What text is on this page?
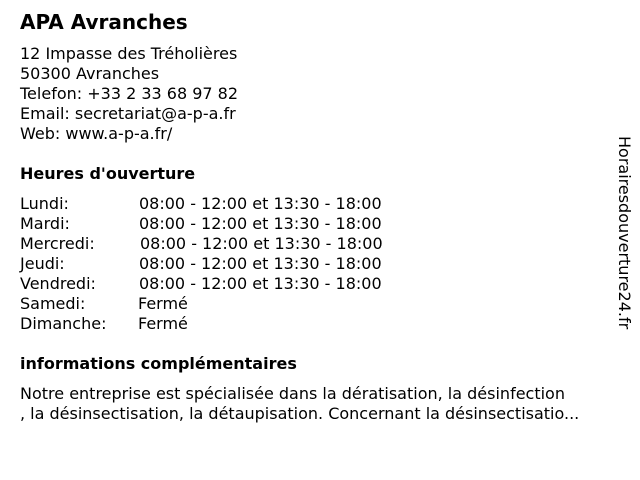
APA Avranches
12 Impasse des Tréholières
50300 Avranches
Telefon: +33 2 33 68 97 82
Email: secretariat@a-p-a.fr
Web: www.a-p-a.fr/
Heures d'ouverture
Lundi:	08:00 - 12:00 et 13:30 - 18:00
Mardi:	08:00 - 12:00 et 13:30 - 18:00
Mercredi:	08:00 - 12:00 et 13:30 - 18:00
Jeudi:	08:00 - 12:00 et 13:30 - 18:00
Vendredi:	08:00 - 12:00 et 13:30 - 18:00
Samedi:	Fermé
Dimanche: Fermé
informations complémentaires
Notre entreprise est spécialisée dans la dératisation, la désinfection
, la désinsectisation, la détaupisation. Concernant la désinsectisatio...
Horairesdouverture24.fr
